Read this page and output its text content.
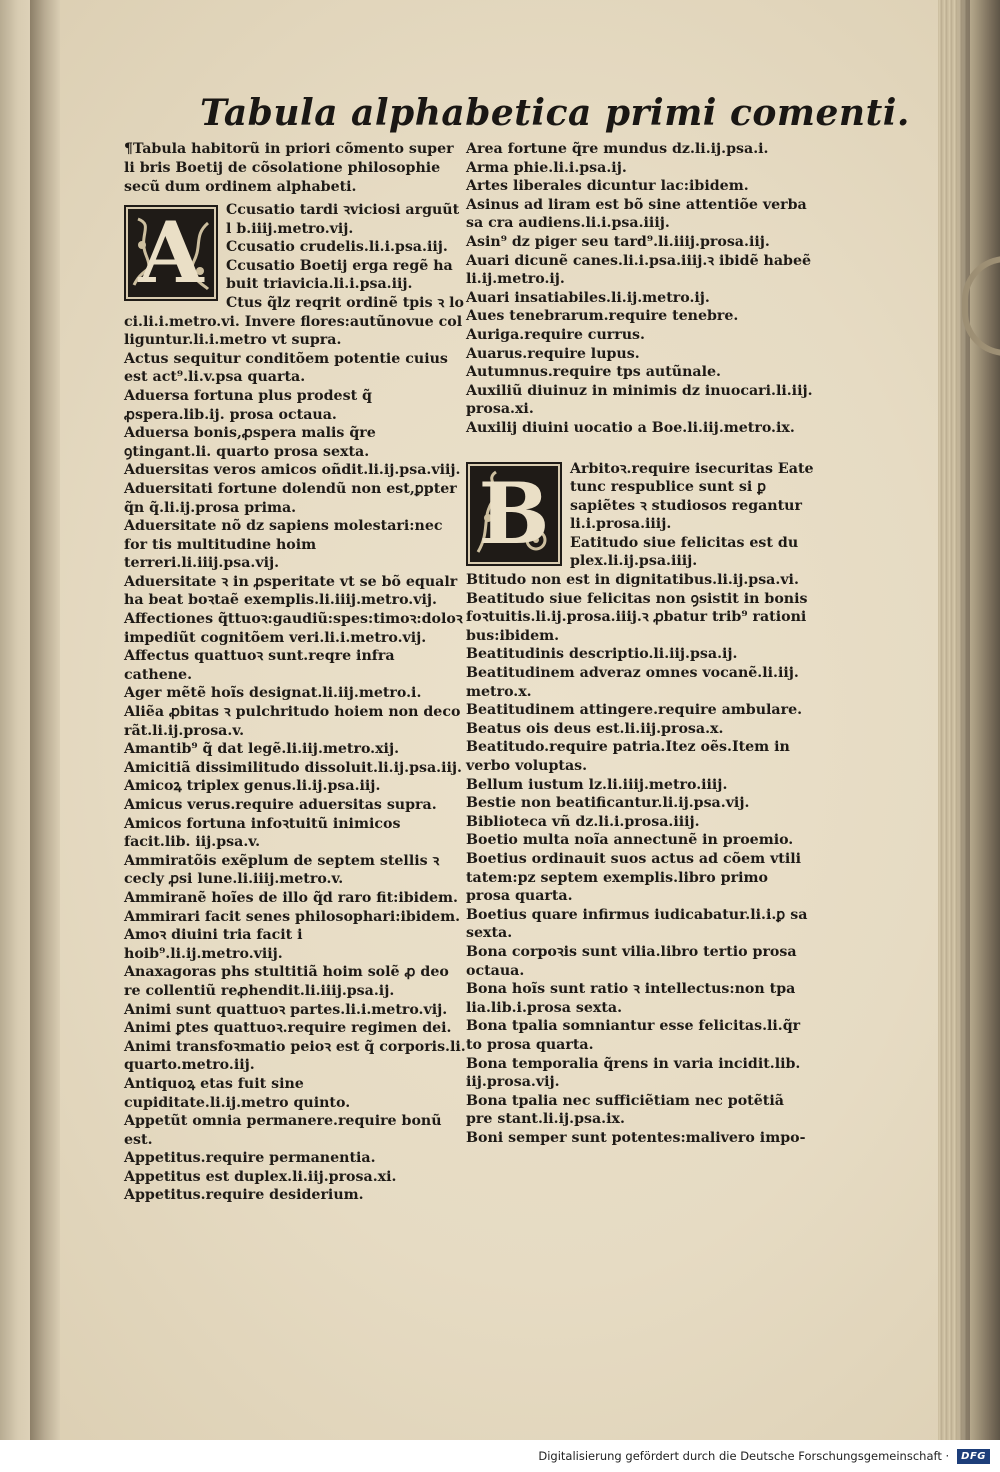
Tabula alphabetica primi comenti.

¶Tabula habitorũ in priori cõmento super li bris Boetij de cõsolatione philosophie secũ dum ordinem alphabeti.

A	Ccusatio tardi ꝛviciosi arguũt l b.iiij.metro.vij.

Ccusatio crudelis.li.i.psa.iij.

Ccusatio Boetij erga regẽ ha buit triavicia.li.i.psa.iij.

Ctus q̃lz reqrit ordinẽ tpis ꝛ lo ci.li.i.metro.vi. Invere flores:autũnovue col liguntur.li.i.metro vt supra.

Actus sequitur conditõem potentie cuius est act⁹.li.v.psa quarta.

Aduersa fortuna plus prodest q̃ ꝓspera.lib.ij. prosa octaua.

Aduersa bonis,ꝓspera malis q̃re ꝯtingant.li. quarto prosa sexta.

Aduersitas veros amicos oñdit.li.ij.psa.viij.

Aduersitati fortune dolendũ non est,ꝑpter q̃n q̃.li.ij.prosa prima.

Aduersitate nõ dz sapiens molestari:nec for tis multitudine hoim terreri.li.iiij.psa.vij.

Aduersitate ꝛ in ꝓsperitate vt se bõ equalr ha beat boꝛtaẽ exemplis.li.iiij.metro.vij.

Affectiones q̃ttuoꝛ:gaudiũ:spes:timoꝛ:doloꝛ impediũt cognitõem veri.li.i.metro.vij.

Affectus quattuoꝛ sunt.reqre infra cathene.

Ager mẽtẽ hoĩs designat.li.iij.metro.i.

Aliẽa ꝓbitas ꝛ pulchritudo hoiem non deco rãt.li.ij.prosa.v.

Amantib⁹ q̃ dat legẽ.li.iij.metro.xij.

Amicitiã dissimilitudo dissoluit.li.ij.psa.iij.

Amicoꝝ triplex genus.li.ij.psa.iij.

Amicus verus.require aduersitas supra.

Amicos fortuna infoꝛtuitũ inimicos facit.lib. iij.psa.v.

Ammiratõis exẽplum de septem stellis ꝛ cecly ꝓsi lune.li.iiij.metro.v.

Ammiranẽ hoĩes de illo q̃d raro fit:ibidem.

Ammirari facit senes philosophari:ibidem.

Amoꝛ diuini tria facit i hoib⁹.li.ij.metro.viij.

Anaxagoras phs stultitiã hoim solẽ ꝓ deo re collentiũ reꝓhendit.li.iiij.psa.ij.

Animi sunt quattuoꝛ partes.li.i.metro.vij.

Animi ꝑtes quattuoꝛ.require regimen dei.

Animi transfoꝛmatio peioꝛ est q̃ corporis.li. quarto.metro.iij.

Antiquoꝝ etas fuit sine cupiditate.li.ij.metro quinto.

Appetũt omnia permanere.require bonũ est.

Appetitus.require permanentia.

Appetitus est duplex.li.iij.prosa.xi.

Appetitus.require desiderium.

Area fortune q̃re mundus dz.li.ij.psa.i.

Arma phie.li.i.psa.ij.

Artes liberales dicuntur lac:ibidem.

Asinus ad liram est bõ sine attentiõe verba sa cra audiens.li.i.psa.iiij.

Asin⁹ dz piger seu tard⁹.li.iiij.prosa.iij.

Auari dicunẽ canes.li.i.psa.iiij.ꝛ ibidẽ habeẽ li.ij.metro.ij.

Auari insatiabiles.li.ij.metro.ij.

Aues tenebrarum.require tenebre.

Auriga.require currus.

Auarus.require lupus.

Autumnus.require tps autũnale.

Auxiliũ diuinuz in minimis dz inuocari.li.iij. prosa.xi.

Auxilij diuini uocatio a Boe.li.iij.metro.ix.

B	Arbitoꝛ.require isecuritas Eate tunc respublice sunt si ꝑ sapiẽtes ꝛ studiosos regantur li.i.prosa.iiij.

Eatitudo siue felicitas est du plex.li.ij.psa.iiij.

Btitudo non est in dignitatibus.li.ij.psa.vi.

Beatitudo siue felicitas non ꝯsistit in bonis foꝛtuitis.li.ij.prosa.iiij.ꝛ ꝓbatur trib⁹ rationi bus:ibidem.

Beatitudinis descriptio.li.iij.psa.ij.

Beatitudinem adveraz omnes vocanẽ.li.iij. metro.x.

Beatitudinem attingere.require ambulare.

Beatus ois deus est.li.iij.prosa.x.

Beatitudo.require patria.Itez oẽs.Item in verbo voluptas.

Bellum iustum lz.li.iiij.metro.iiij.

Bestie non beatificantur.li.ij.psa.vij.

Biblioteca vñ dz.li.i.prosa.iiij.

Boetio multa noĩa annectunẽ in proemio.

Boetius ordinauit suos actus ad cõem vtili tatem:pz septem exemplis.libro primo prosa quarta.

Boetius quare infirmus iudicabatur.li.i.ꝑ sa sexta.

Bona corpoꝛis sunt vilia.libro tertio prosa octaua.

Bona hoĩs sunt ratio ꝛ intellectus:non tpa lia.lib.i.prosa sexta.

Bona tpalia somniantur esse felicitas.li.q̃r to prosa quarta.

Bona temporalia q̃rens in varia incidit.lib. iij.prosa.vij.

Bona tpalia nec sufficiẽtiam nec potẽtiã pre stant.li.ij.psa.ix.

Boni semper sunt potentes:malivero impo-

Digitalisierung gefördert durch die Deutsche Forschungsgemeinschaft ·	DFG
